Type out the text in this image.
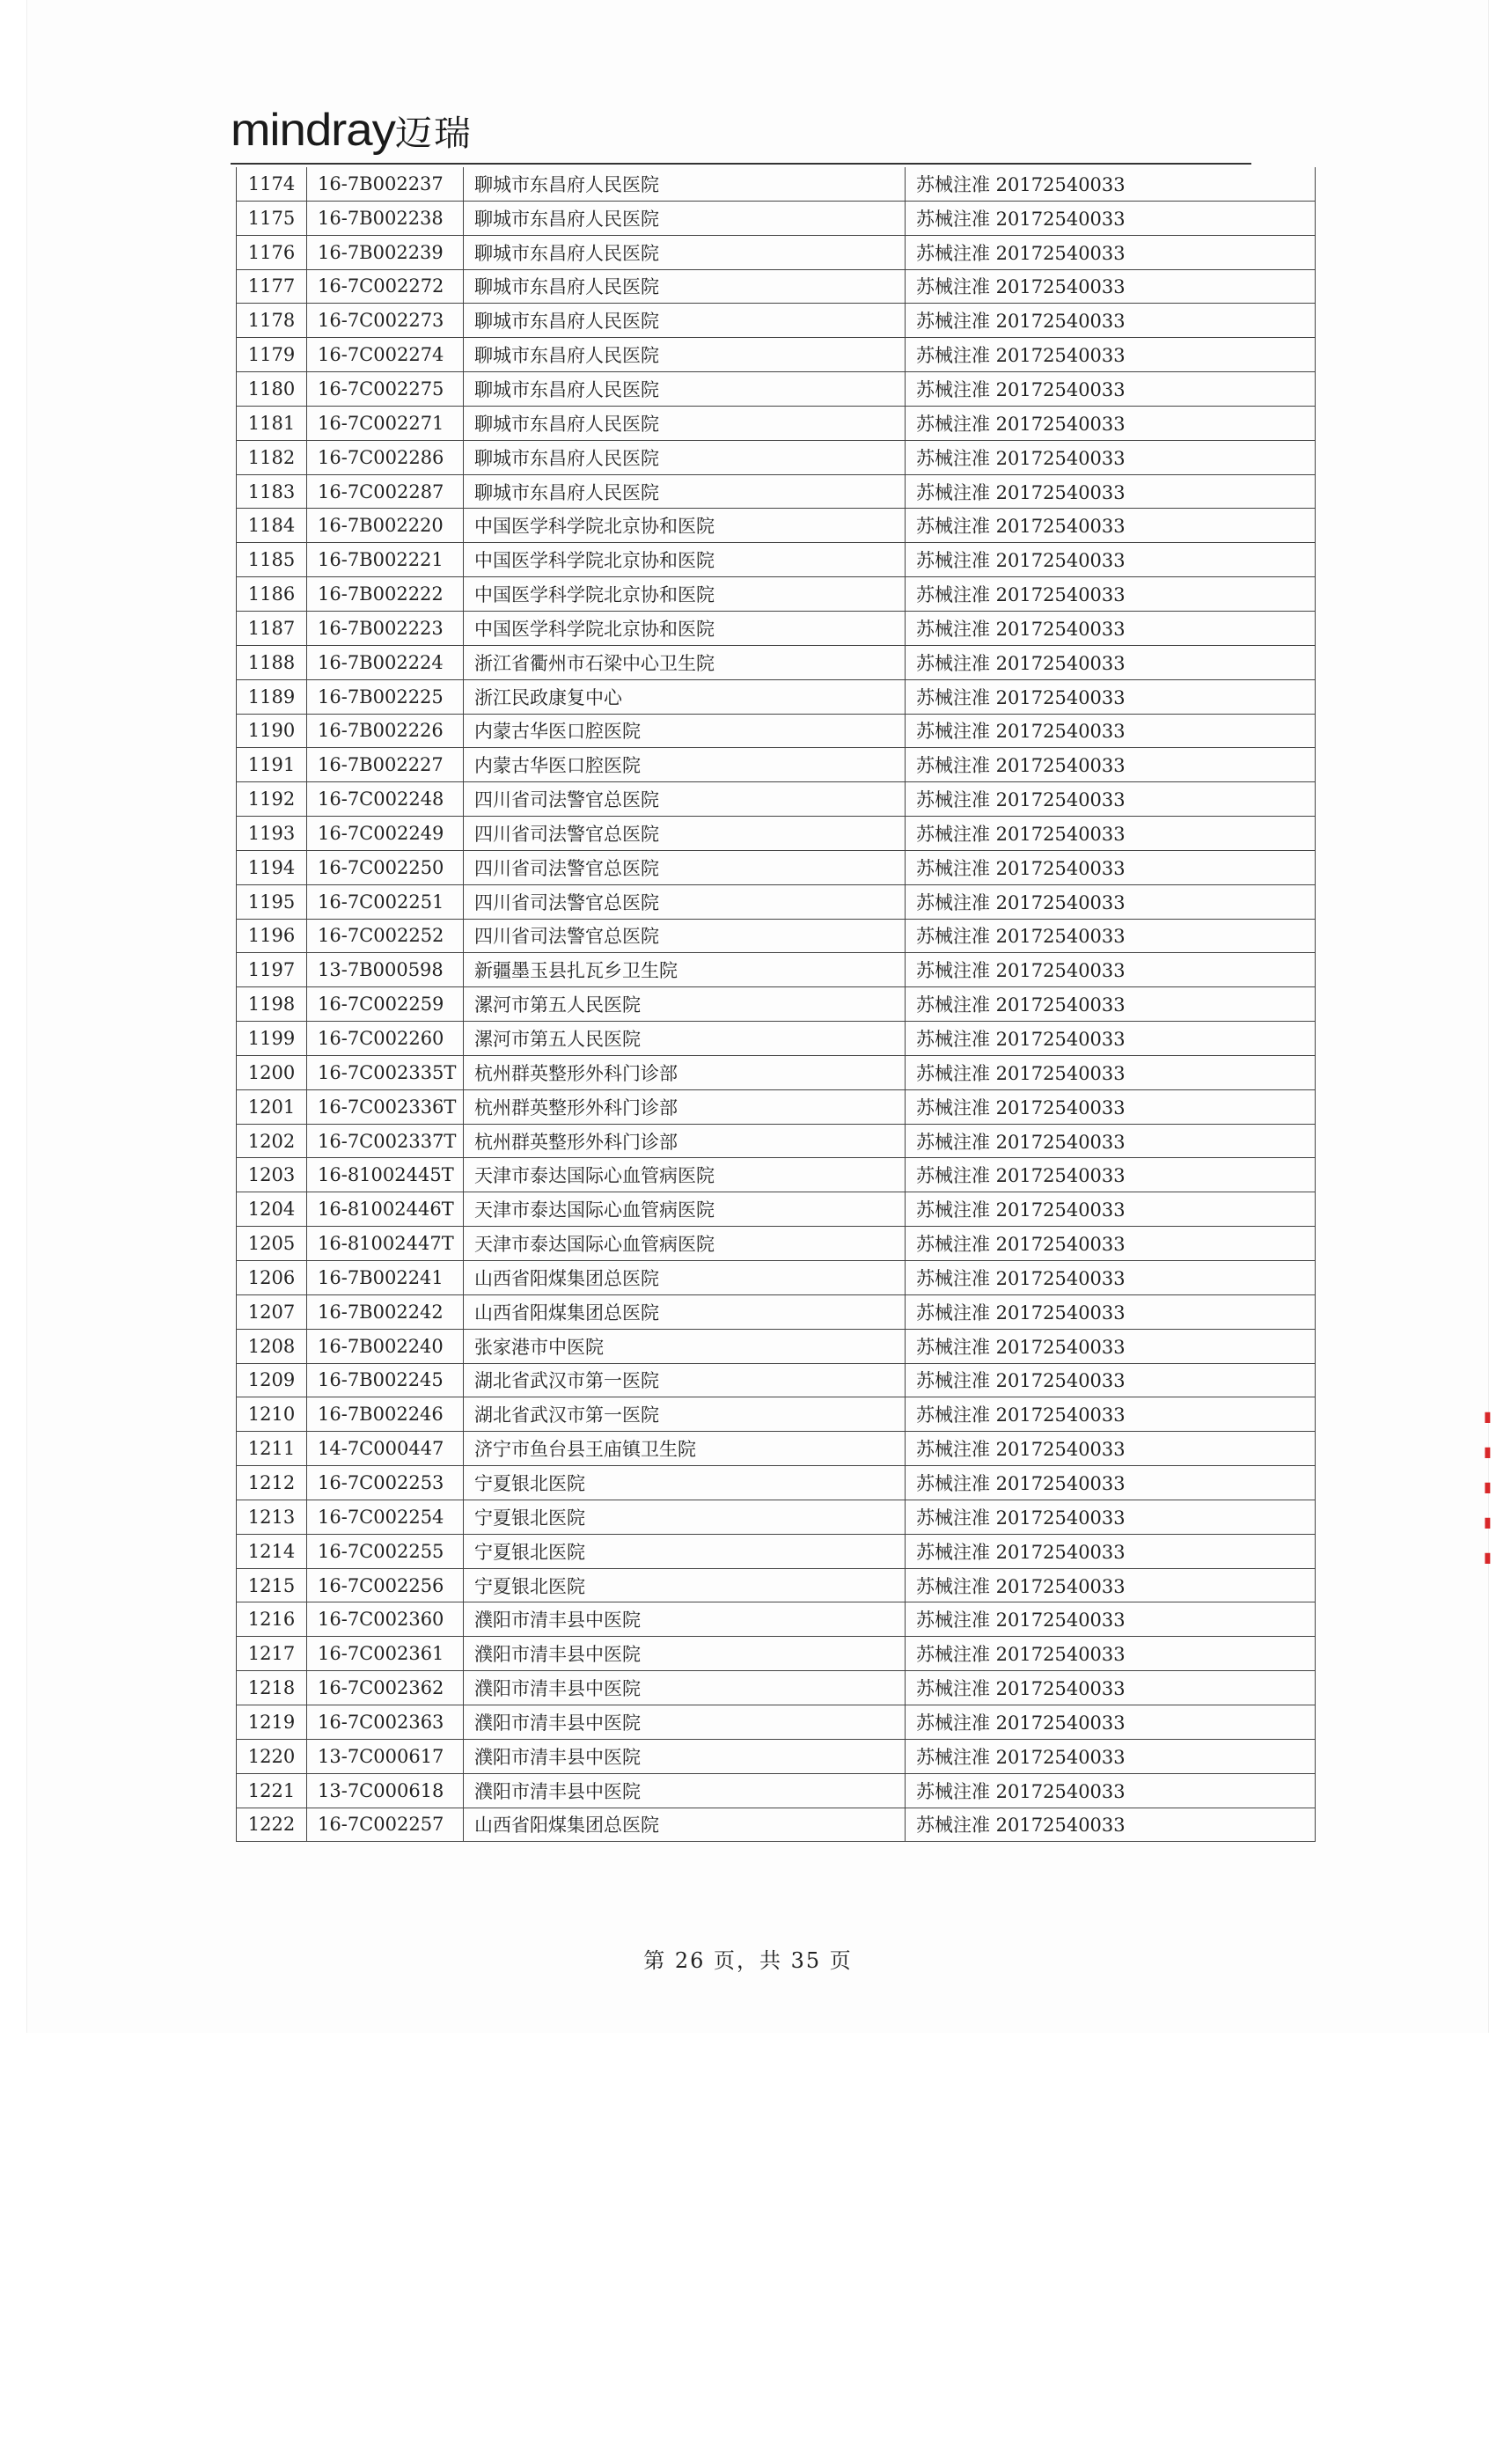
mindray迈瑞
1174	16-7B002237	聊城市东昌府人民医院	苏械注准 20172540033
1175	16-7B002238	聊城市东昌府人民医院	苏械注准 20172540033
1176	16-7B002239	聊城市东昌府人民医院	苏械注准 20172540033
1177	16-7C002272	聊城市东昌府人民医院	苏械注准 20172540033
1178	16-7C002273	聊城市东昌府人民医院	苏械注准 20172540033
1179	16-7C002274	聊城市东昌府人民医院	苏械注准 20172540033
1180	16-7C002275	聊城市东昌府人民医院	苏械注准 20172540033
1181	16-7C002271	聊城市东昌府人民医院	苏械注准 20172540033
1182	16-7C002286	聊城市东昌府人民医院	苏械注准 20172540033
1183	16-7C002287	聊城市东昌府人民医院	苏械注准 20172540033
1184	16-7B002220	中国医学科学院北京协和医院	苏械注准 20172540033
1185	16-7B002221	中国医学科学院北京协和医院	苏械注准 20172540033
1186	16-7B002222	中国医学科学院北京协和医院	苏械注准 20172540033
1187	16-7B002223	中国医学科学院北京协和医院	苏械注准 20172540033
1188	16-7B002224	浙江省衢州市石梁中心卫生院	苏械注准 20172540033
1189	16-7B002225	浙江民政康复中心	苏械注准 20172540033
1190	16-7B002226	内蒙古华医口腔医院	苏械注准 20172540033
1191	16-7B002227	内蒙古华医口腔医院	苏械注准 20172540033
1192	16-7C002248	四川省司法警官总医院	苏械注准 20172540033
1193	16-7C002249	四川省司法警官总医院	苏械注准 20172540033
1194	16-7C002250	四川省司法警官总医院	苏械注准 20172540033
1195	16-7C002251	四川省司法警官总医院	苏械注准 20172540033
1196	16-7C002252	四川省司法警官总医院	苏械注准 20172540033
1197	13-7B000598	新疆墨玉县扎瓦乡卫生院	苏械注准 20172540033
1198	16-7C002259	漯河市第五人民医院	苏械注准 20172540033
1199	16-7C002260	漯河市第五人民医院	苏械注准 20172540033
1200	16-7C002335T	杭州群英整形外科门诊部	苏械注准 20172540033
1201	16-7C002336T	杭州群英整形外科门诊部	苏械注准 20172540033
1202	16-7C002337T	杭州群英整形外科门诊部	苏械注准 20172540033
1203	16-81002445T	天津市泰达国际心血管病医院	苏械注准 20172540033
1204	16-81002446T	天津市泰达国际心血管病医院	苏械注准 20172540033
1205	16-81002447T	天津市泰达国际心血管病医院	苏械注准 20172540033
1206	16-7B002241	山西省阳煤集团总医院	苏械注准 20172540033
1207	16-7B002242	山西省阳煤集团总医院	苏械注准 20172540033
1208	16-7B002240	张家港市中医院	苏械注准 20172540033
1209	16-7B002245	湖北省武汉市第一医院	苏械注准 20172540033
1210	16-7B002246	湖北省武汉市第一医院	苏械注准 20172540033
1211	14-7C000447	济宁市鱼台县王庙镇卫生院	苏械注准 20172540033
1212	16-7C002253	宁夏银北医院	苏械注准 20172540033
1213	16-7C002254	宁夏银北医院	苏械注准 20172540033
1214	16-7C002255	宁夏银北医院	苏械注准 20172540033
1215	16-7C002256	宁夏银北医院	苏械注准 20172540033
1216	16-7C002360	濮阳市清丰县中医院	苏械注准 20172540033
1217	16-7C002361	濮阳市清丰县中医院	苏械注准 20172540033
1218	16-7C002362	濮阳市清丰县中医院	苏械注准 20172540033
1219	16-7C002363	濮阳市清丰县中医院	苏械注准 20172540033
1220	13-7C000617	濮阳市清丰县中医院	苏械注准 20172540033
1221	13-7C000618	濮阳市清丰县中医院	苏械注准 20172540033
1222	16-7C002257	山西省阳煤集团总医院	苏械注准 20172540033
第 26 页，共 35 页
▮
▮
▮
▮
▮
